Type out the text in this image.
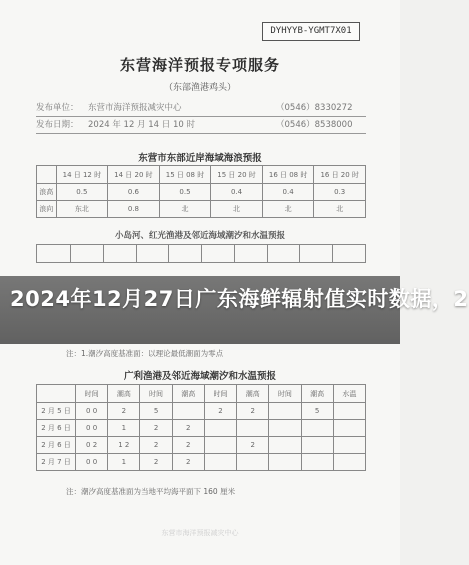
DYHYYB-YGMT7X01
东营海洋预报专项服务
（东部渔港鸡头）
发布单位： 东营市海洋预报减灾中心	（0546）8330272
发布日期： 2024 年 12 月 14 日 10 时	（0546）8538000
东营市东部近岸海域海浪预报
	14 日 12 时	14 日 20 时	15 日 08 时	15 日 20 时	16 日 08 时	16 日 20 时
浪高	0.5	0.6	0.5	0.4	0.4	0.3
浪向	东北	0.8	北	北	北	北
小岛河、红光渔港及邻近海域潮汐和水温预报

2024年12月27日广东海鲜辐射值实时数据，2
注：1.潮汐高度基准面：以理论最低潮面为零点
广利渔港及邻近海域潮汐和水温预报
	时间	潮高	时间	潮高	时间	潮高	时间	潮高	水温
2 月 5 日	0 0	2	5		2	2		5	
2 月 6 日	0 0	1	2	2					
2 月 6 日	0 2	1 2	2	2		2			
2 月 7 日	0 0	1	2	2					
注：潮汐高度基准面为当地平均海平面下 160 厘米
东营市海洋预报减灾中心
